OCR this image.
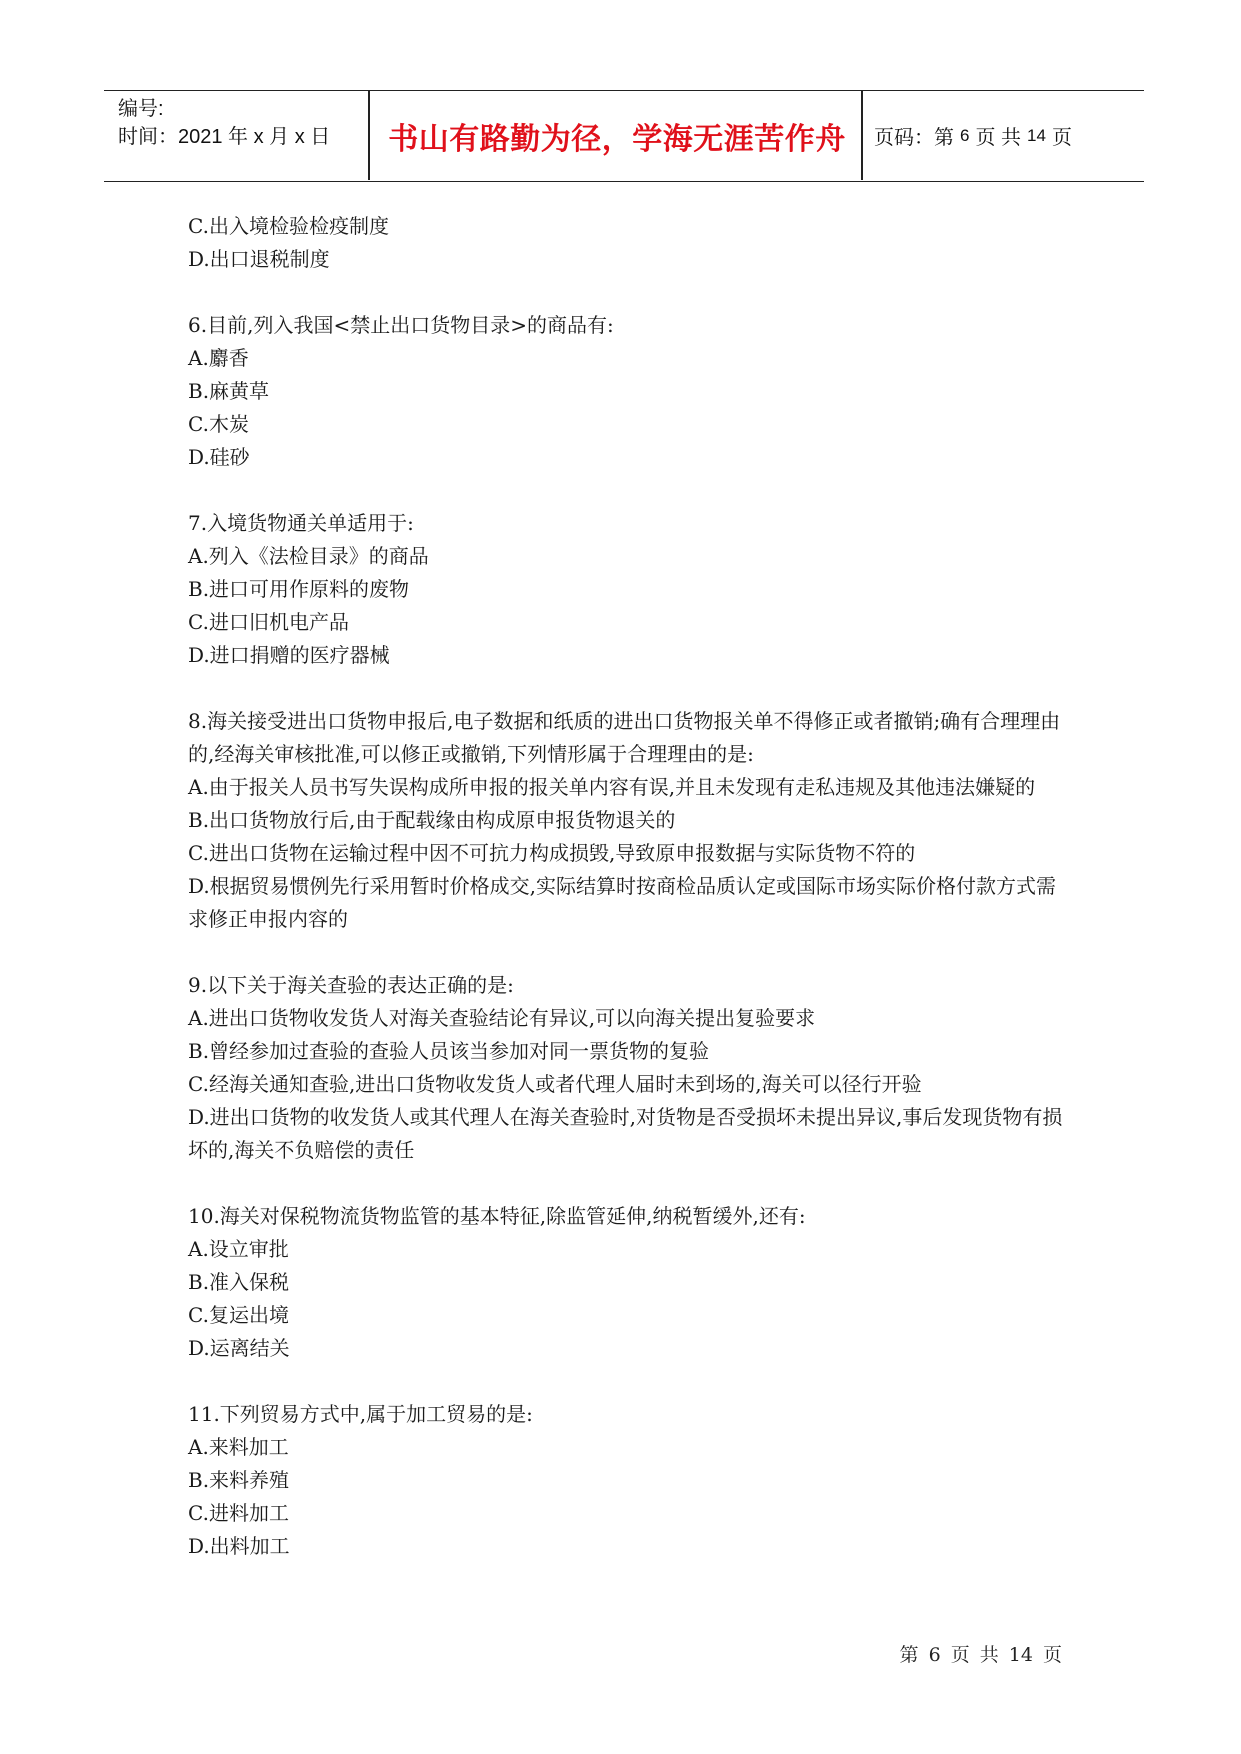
编号:
时间：2021 年 x 月 x 日	书山有路勤为径，学海无涯苦作舟	页码：第 6 页 共 14 页

C.出入境检验检疫制度

D.出口退税制度

6.目前,列入我国<禁止出口货物目录>的商品有:

A.麝香

B.麻黄草

C.木炭

D.硅砂

7.入境货物通关单适用于:

A.列入《法检目录》的商品

B.进口可用作原料的废物

C.进口旧机电产品

D.进口捐赠的医疗器械

8.海关接受进出口货物申报后,电子数据和纸质的进出口货物报关单不得修正或者撤销;确有合理理由的,经海关审核批准,可以修正或撤销,下列情形属于合理理由的是:

A.由于报关人员书写失误构成所申报的报关单内容有误,并且未发现有走私违规及其他违法嫌疑的

B.出口货物放行后,由于配载缘由构成原申报货物退关的

C.进出口货物在运输过程中因不可抗力构成损毁,导致原申报数据与实际货物不符的

D.根据贸易惯例先行采用暂时价格成交,实际结算时按商检品质认定或国际市场实际价格付款方式需求修正申报内容的

9.以下关于海关查验的表达正确的是:

A.进出口货物收发货人对海关查验结论有异议,可以向海关提出复验要求

B.曾经参加过查验的查验人员该当参加对同一票货物的复验

C.经海关通知查验,进出口货物收发货人或者代理人届时未到场的,海关可以径行开验

D.进出口货物的收发货人或其代理人在海关查验时,对货物是否受损坏未提出异议,事后发现货物有损坏的,海关不负赔偿的责任

10.海关对保税物流货物监管的基本特征,除监管延伸,纳税暂缓外,还有:

A.设立审批

B.准入保税

C.复运出境

D.运离结关

11.下列贸易方式中,属于加工贸易的是:

A.来料加工

B.来料养殖

C.进料加工

D.出料加工

第 6 页 共 14 页
